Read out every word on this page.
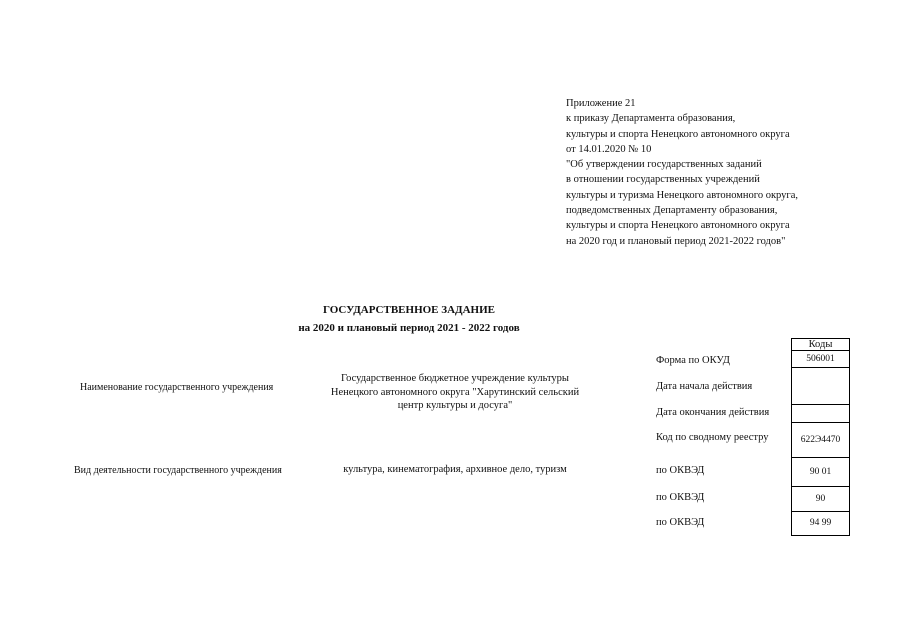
Приложение 21
к приказу Департамента образования,
культуры и спорта Ненецкого автономного округа
от 14.01.2020 № 10
"Об утверждении государственных заданий
в отношении государственных учреждений
культуры и туризма Ненецкого автономного округа,
подведомственных Департаменту образования,
культуры и спорта Ненецкого автономного округа
на 2020 год и плановый период 2021-2022 годов"
ГОСУДАРСТВЕННОЕ ЗАДАНИЕ
на 2020 и плановый период 2021 - 2022 годов
Наименование государственного учреждения
Государственное бюджетное учреждение культуры
Ненецкого автономного округа "Харутинский сельский
центр культуры и досуга"
Вид деятельности государственного учреждения	культура, кинематография, архивное дело, туризм
Коды
Форма по ОКУД	506001
Дата начала действия
Дата окончания действия
Код по сводному реестру	622Э4470
по ОКВЭД	90 01
по ОКВЭД	90
по ОКВЭД	94 99
